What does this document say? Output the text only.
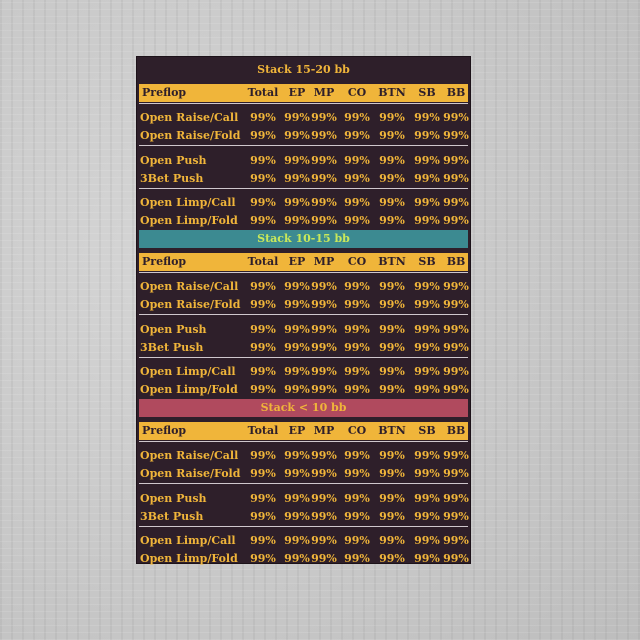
Stack 15-20 bb
Preflop	Total EP MP	CO	BTN	SB	BB
Open Raise/Call	99% 99% 99% 99% 99% 99% 99%
Open Raise/Fold 99% 99% 99% 99% 99% 99% 99%
Open Push	99% 99% 99% 99% 99% 99% 99%
3Bet Push	99% 99% 99% 99% 99% 99% 99%
Open Limp/Call	99% 99% 99% 99% 99% 99% 99%
Open Limp/Fold	99% 99% 99% 99% 99% 99% 99%
Stack 10-15 bb
Preflop	Total EP MP	CO	BTN	SB	BB
Open Raise/Call	99% 99% 99% 99% 99% 99% 99%
Open Raise/Fold 99% 99% 99% 99% 99% 99% 99%
Open Push	99% 99% 99% 99% 99% 99% 99%
3Bet Push	99% 99% 99% 99% 99% 99% 99%
Open Limp/Call	99% 99% 99% 99% 99% 99% 99%
Open Limp/Fold	99% 99% 99% 99% 99% 99% 99%
Stack < 10 bb
Preflop	Total EP MP	CO	BTN	SB	BB
Open Raise/Call	99% 99% 99% 99% 99% 99% 99%
Open Raise/Fold 99% 99% 99% 99% 99% 99% 99%
Open Push	99% 99% 99% 99% 99% 99% 99%
3Bet Push	99% 99% 99% 99% 99% 99% 99%
Open Limp/Call	99% 99% 99% 99% 99% 99% 99%
Open Limp/Fold	99% 99% 99% 99% 99% 99% 99%
